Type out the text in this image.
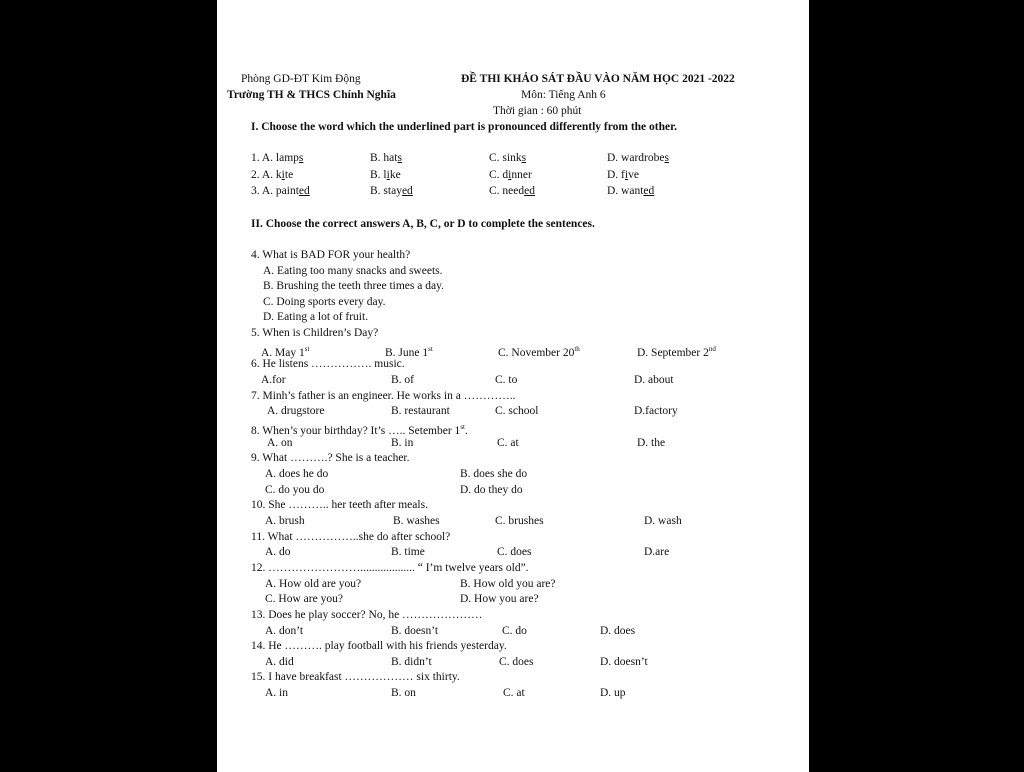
Phòng GD-ĐT Kim Động
Trường TH & THCS Chính Nghĩa
ĐỀ THI KHẢO SÁT ĐẦU VÀO NĂM HỌC 2021 -2022
Môn: Tiếng Anh 6
Thời gian : 60 phút
I. Choose the word which the underlined part is pronounced differently from the other.
1. A. lamps	B. hats	C. sinks	D. wardrobes
2. A. kite	B. like	C. dinner	D. five
3. A. painted	B. stayed	C. needed	D. wanted
II. Choose the correct answers A, B, C, or D to complete the sentences.
4. What is BAD FOR your health?
A. Eating too many snacks and sweets.
B. Brushing the teeth three times a day.
C. Doing sports every day.
D. Eating a lot of fruit.
5. When is Children’s Day?
A. May 1st	B. June 1st	C. November 20th	D. September 2nd
6. He listens ……………. music.
A.for	B. of	C. to	D. about
7. Minh’s father is an engineer. He works in a …………..
A. drugstore	B. restaurant	C. school	D.factory
8. When’s your birthday? It’s ….. Setember 1st.
A. on	B. in	C. at	D. the
9. What ……….? She is a teacher.
A. does he do	B. does she do
C. do you do	D. do they do
10. She ……….. her teeth after meals.
A. brush	B. washes	C. brushes	D. wash
11. What ……………..she do after school?
A. do	B. time	C. does	D.are
12. ……………………................... “ I’m twelve years old”.
A. How old are you?	B. How old you are?
C. How are you?	D. How you are?
13. Does he play soccer? No, he …………………
A. don’t	B. doesn’t	C. do	D. does
14. He ………. play football with his friends yesterday.
A. did	B. didn’t	C. does	D. doesn’t
15. I have breakfast ……………… six thirty.
A. in	B. on	C. at	D. up
